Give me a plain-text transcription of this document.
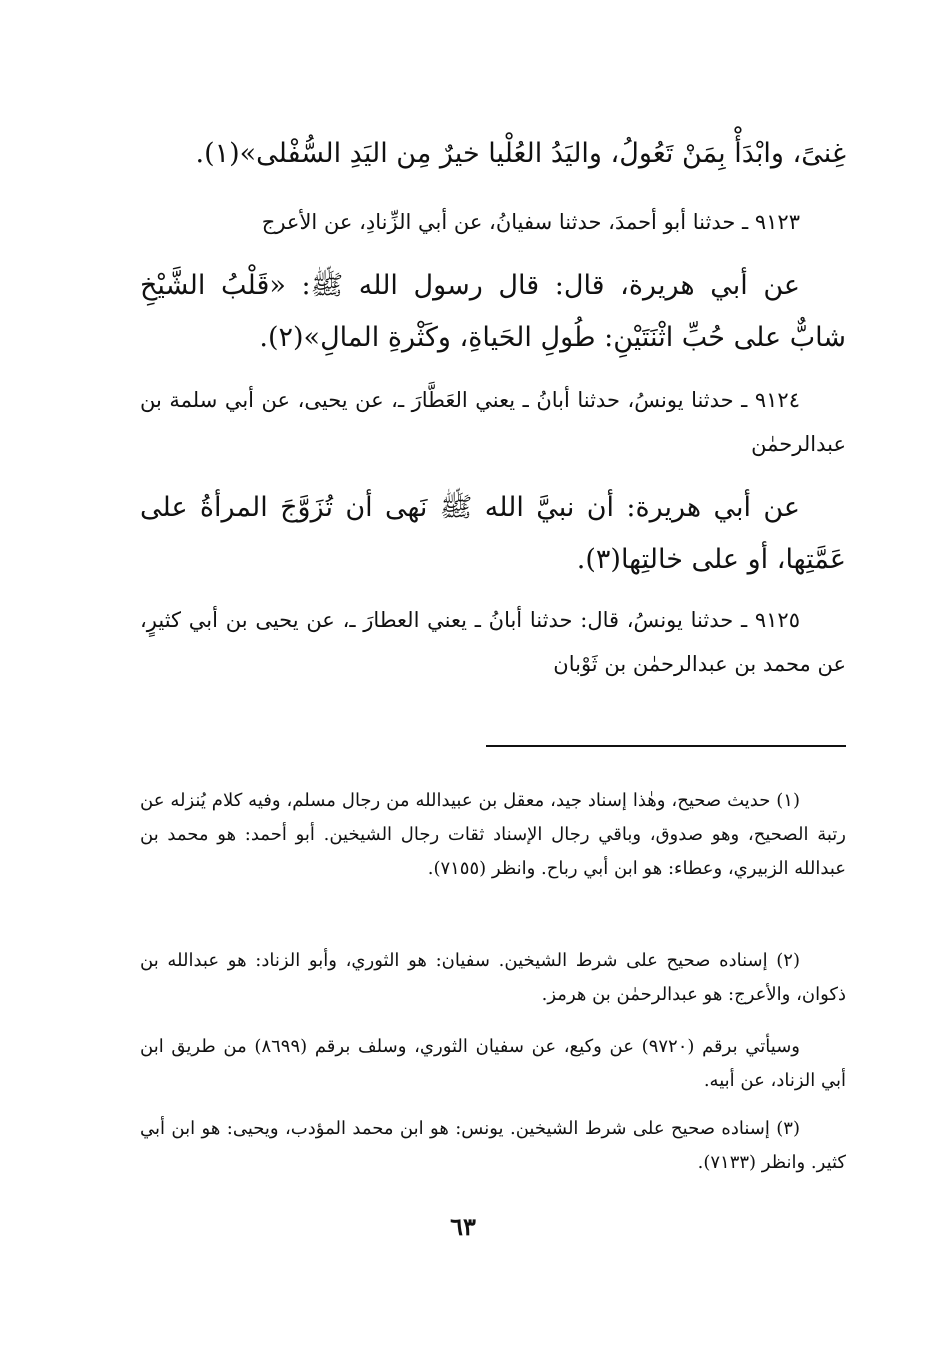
غِنىً، وابْدَأْ بِمَنْ تَعُولُ، واليَدُ العُلْيا خيرٌ مِن اليَدِ السُّفْلى»(١).
٩١٢٣ ـ حدثنا أبو أحمدَ، حدثنا سفيانُ، عن أبي الزِّنادِ، عن الأعرج
عن أبي هريرة، قال: قال رسول الله ﷺ: «قَلْبُ الشَّيْخِ شابٌّ على حُبِّ اثْنَتَيْنِ: طُولِ الحَياةِ، وكَثْرةِ المالِ»(٢).
٩١٢٤ ـ حدثنا يونسُ، حدثنا أبانُ ـ يعني العَطَّارَ ـ، عن يحيى، عن أبي سلمة بن عبدالرحمٰن
عن أبي هريرة: أن نبيَّ الله ﷺ نَهى أن تُزَوَّجَ المرأةُ على عَمَّتِها، أو على خالتِها(٣).
٩١٢٥ ـ حدثنا يونسُ، قال: حدثنا أبانُ ـ يعني العطارَ ـ، عن يحيى بن أبي كثيرٍ، عن محمد بن عبدالرحمٰن بن ثَوْبان
(١) حديث صحيح، وهٰذا إسناد جيد، معقل بن عبيدالله من رجال مسلم، وفيه كلام يُنزله عن رتبة الصحيح، وهو صدوق، وباقي رجال الإسناد ثقات رجال الشيخين. أبو أحمد: هو محمد بن عبدالله الزبيري، وعطاء: هو ابن أبي رباح. وانظر (٧١٥٥).
(٢) إسناده صحيح على شرط الشيخين. سفيان: هو الثوري، وأبو الزناد: هو عبدالله بن ذكوان، والأعرج: هو عبدالرحمٰن بن هرمز.
وسيأتي برقم (٩٧٢٠) عن وكيع، عن سفيان الثوري، وسلف برقم (٨٦٩٩) من طريق ابن أبي الزناد، عن أبيه.
(٣) إسناده صحيح على شرط الشيخين. يونس: هو ابن محمد المؤدب، ويحيى: هو ابن أبي كثير. وانظر (٧١٣٣).
٦٣
